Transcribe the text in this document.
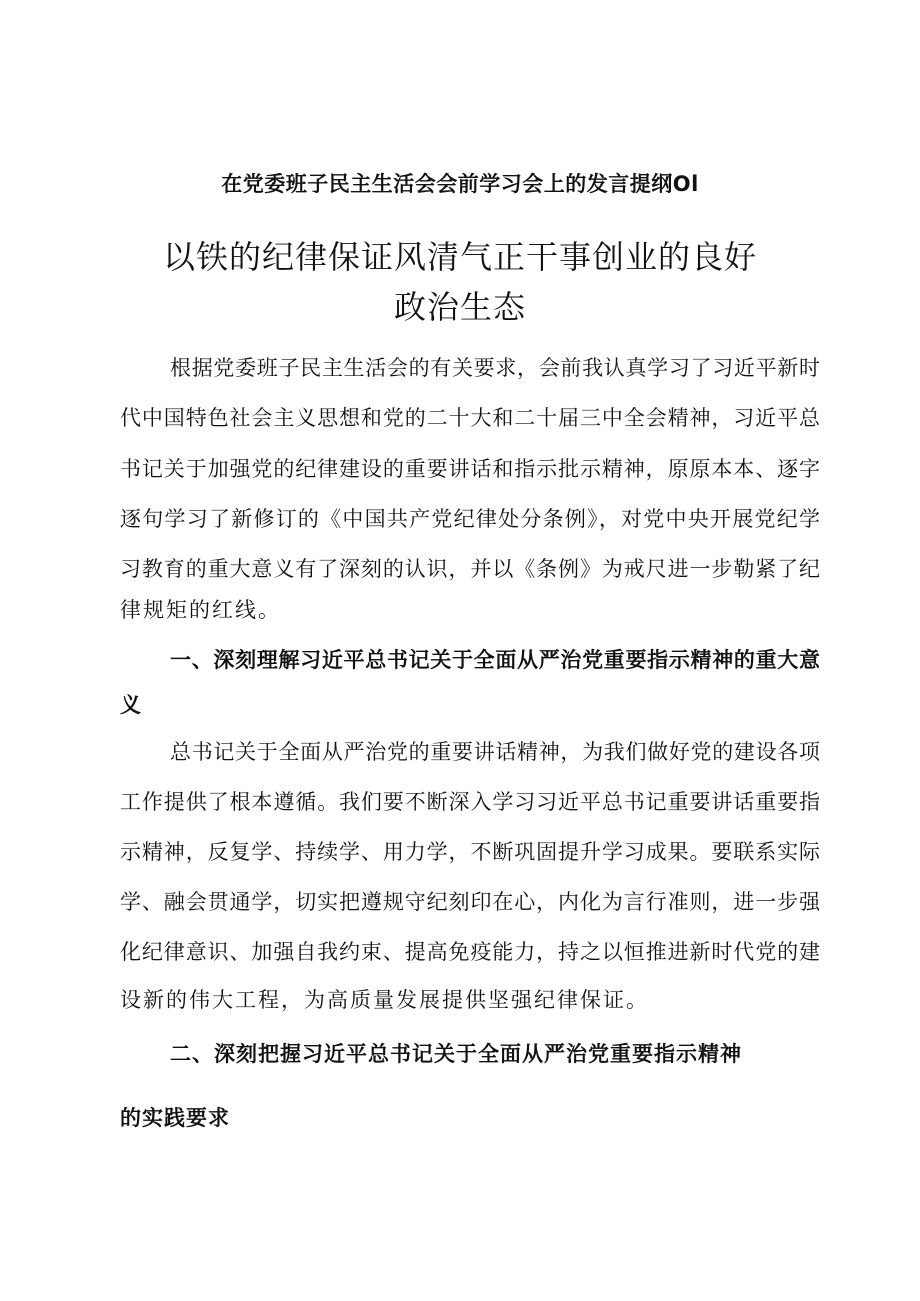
在党委班子民主生活会会前学习会上的发言提纲Ol
以铁的纪律保证风清气正干事创业的良好
政治生态
根据党委班子民主生活会的有关要求，会前我认真学习了习近平新时
代中国特色社会主义思想和党的二十大和二十届三中全会精神，习近平总
书记关于加强党的纪律建设的重要讲话和指示批示精神，原原本本、逐字
逐句学习了新修订的《中国共产党纪律处分条例》，对党中央开展党纪学
习教育的重大意义有了深刻的认识，并以《条例》为戒尺进一步勒紧了纪
律规矩的红线。
一、深刻理解习近平总书记关于全面从严治党重要指示精神的重大意
义
总书记关于全面从严治党的重要讲话精神，为我们做好党的建设各项
工作提供了根本遵循。我们要不断深入学习习近平总书记重要讲话重要指
示精神，反复学、持续学、用力学，不断巩固提升学习成果。要联系实际
学、融会贯通学，切实把遵规守纪刻印在心，内化为言行准则，进一步强
化纪律意识、加强自我约束、提高免疫能力，持之以恒推进新时代党的建
设新的伟大工程，为高质量发展提供坚强纪律保证。
二、深刻把握习近平总书记关于全面从严治党重要指示精神
的实践要求
